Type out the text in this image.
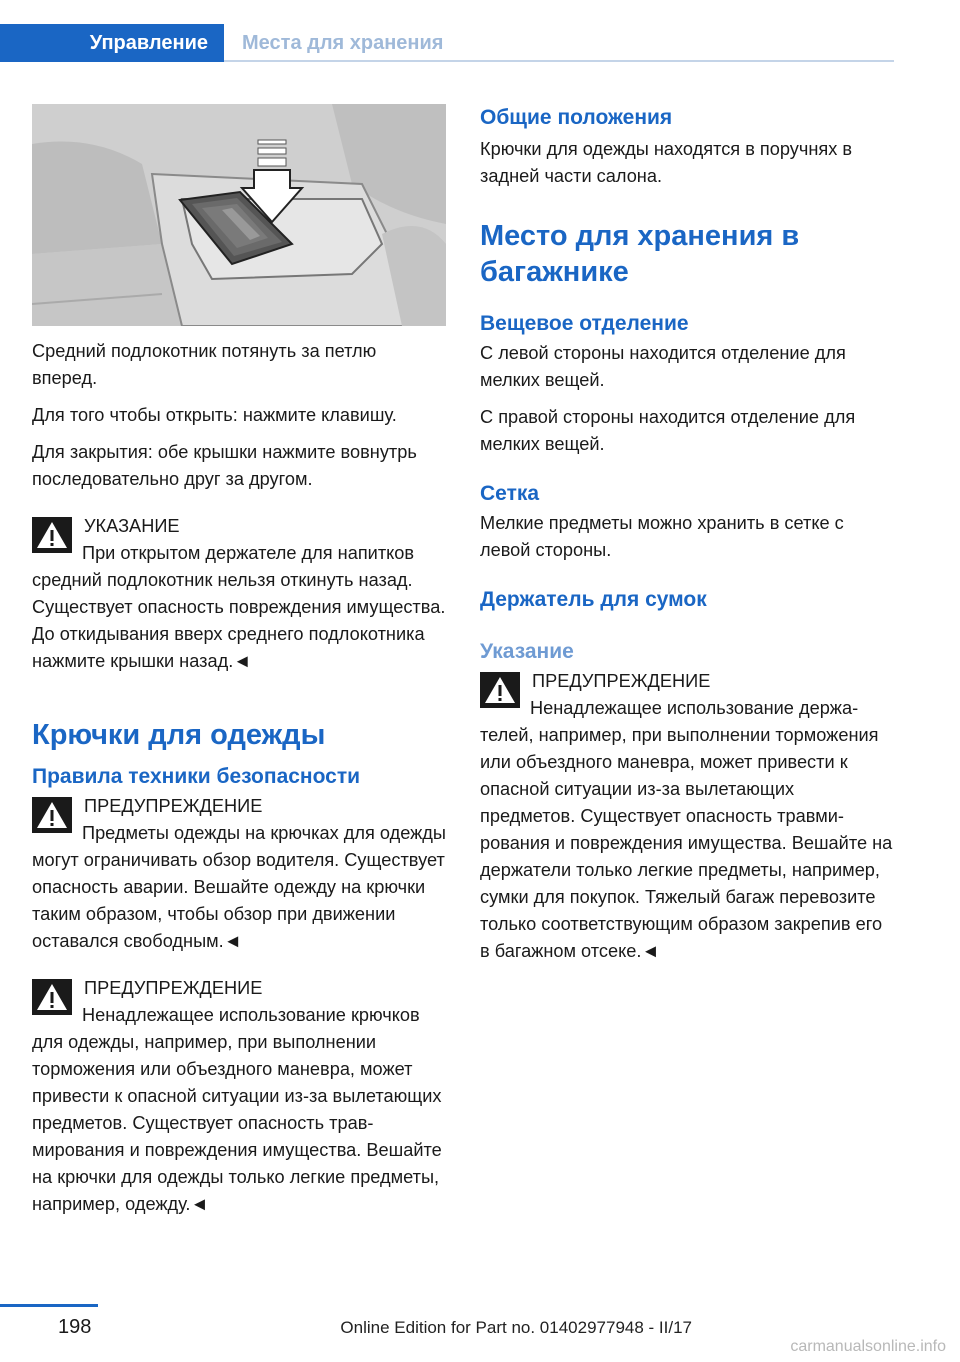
Управление Места для хранения

Средний подлокотник потянуть за петлю вперед.

Для того чтобы открыть: нажмите клавишу.

Для закрытия: обе крышки нажмите вовнутрь последовательно друг за другом.

УКАЗАНИЕ

При открытом держателе для напитков средний подлокотник нельзя откинуть назад. Существует опасность повреждения имущества. До откидывания вверх среднего подлокотника нажмите крышки назад.◄

Крючки для одежды
Правила техники безопасности
ПРЕДУПРЕЖДЕНИЕ

Предметы одежды на крючках для одежды могут ограничивать обзор водителя. Существует опасность аварии. Вешайте одежду на крючки таким образом, чтобы обзор при движении оставался свободным.◄

ПРЕДУПРЕЖДЕНИЕ

Ненадлежащее использование крючков для одежды, например, при выполнении торможения или объездного маневра, может привести к опасной ситуации из-за вылетающих предметов. Существует опасность травмирования и повреждения имущества. Вешайте на крючки для одежды только легкие предметы, например, одежду.◄

Общие положения

Крючки для одежды находятся в поручнях в задней части салона.

Место для хранения в багажнике
Вещевое отделение

С левой стороны находится отделение для мелких вещей.

С правой стороны находится отделение для мелких вещей.

Сетка

Мелкие предметы можно хранить в сетке с левой стороны.

Держатель для сумок
Указание
ПРЕДУПРЕЖДЕНИЕ

Ненадлежащее использование держателей, например, при выполнении торможения или объездного маневра, может привести к опасной ситуации из-за вылетающих предметов. Существует опасность травмирования и повреждения имущества. Вешайте на держатели только легкие предметы, например, сумки для покупок. Тяжелый багаж перевозите только соответствующим образом закрепив его в багажном отсеке.◄

198	Online Edition for Part no. 01402977948 - II/17
carmanualsonline.info
